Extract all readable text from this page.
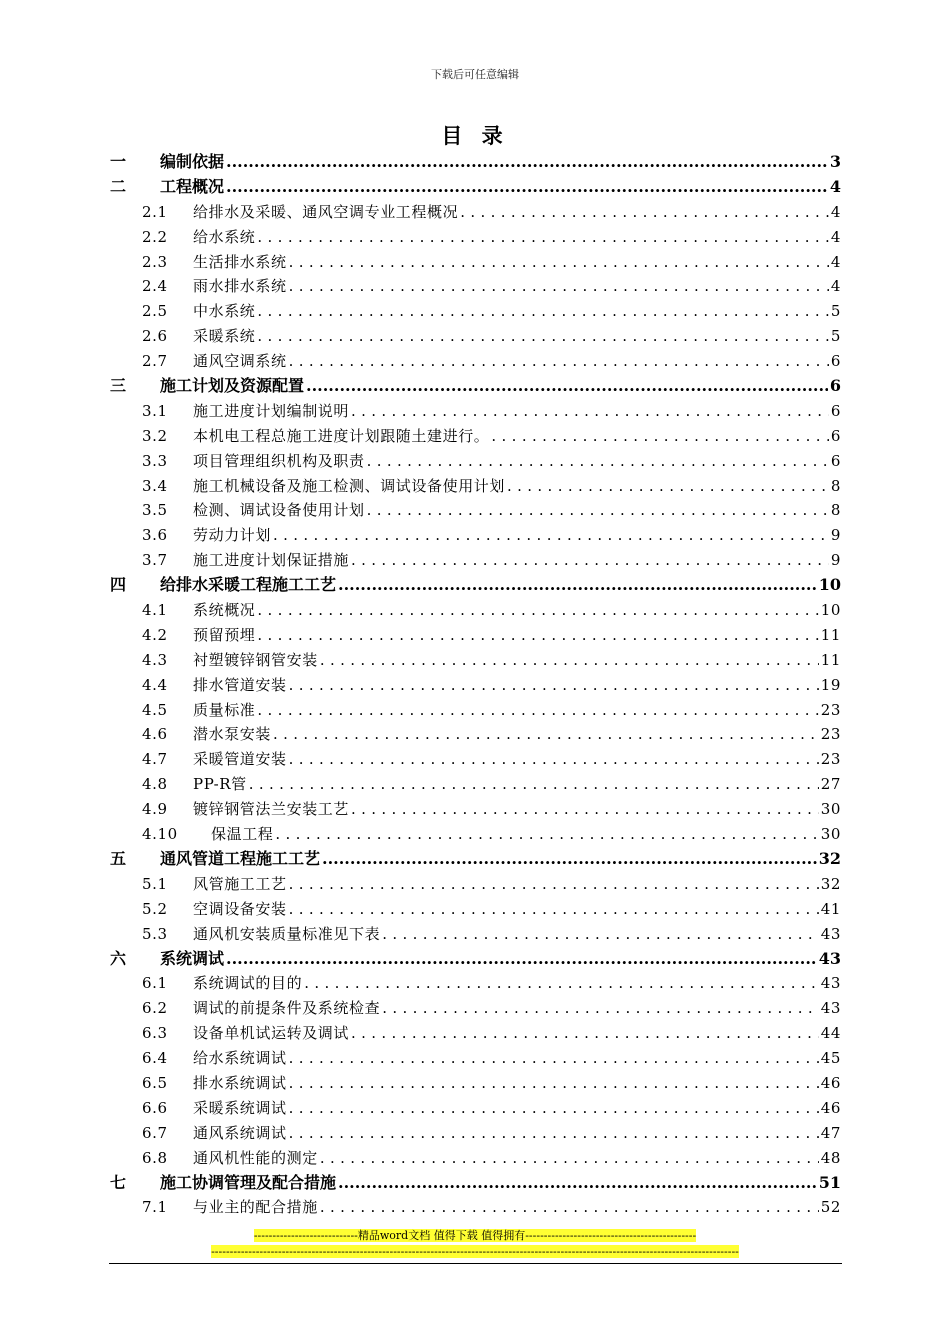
下载后可任意编辑
目 录
一	编制依据 .....	3
二	工程概况 .....	4
2.1	给排水及采暖、通风空调专业工程概况 . . .	4
2.2	给水系统 . . .	4
2.3	生活排水系统 . . .	4
2.4	雨水排水系统 . . .	4
2.5	中水系统 . . .	5
2.6	采暖系统 . . .	5
2.7	通风空调系统 . . .	6
三	施工计划及资源配置 .....	6
3.1	施工进度计划编制说明 . . .	6
3.2	本机电工程总施工进度计划跟随土建进行。 . . .	6
3.3	项目管理组织机构及职责 . . .	6
3.4	施工机械设备及施工检测、调试设备使用计划 . . .	8
3.5	检测、调试设备使用计划 . . .	8
3.6	劳动力计划 . . .	9
3.7	施工进度计划保证措施 . . .	9
四	给排水采暖工程施工工艺 .....	10
4.1	系统概况 . . .	10
4.2	预留预埋 . . .	11
4.3	衬塑镀锌钢管安装 . . .	11
4.4	排水管道安装 . . .	19
4.5	质量标准 . . .	23
4.6	潜水泵安装 . . .	23
4.7	采暖管道安装 . . .	23
4.8	PP-R管 . . .	27
4.9	镀锌钢管法兰安装工艺 . . .	30
4.10	保温工程 . . .	30
五	通风管道工程施工工艺 .....	32
5.1	风管施工工艺 . . .	32
5.2	空调设备安装 . . .	41
5.3	通风机安装质量标准见下表 . . .	43
六	系统调试 .....	43
6.1	系统调试的目的 . . .	43
6.2	调试的前提条件及系统检查 . . .	43
6.3	设备单机试运转及调试 . . .	44
6.4	给水系统调试 . . .	45
6.5	排水系统调试 . . .	46
6.6	采暖系统调试 . . .	46
6.7	通风系统调试 . . .	47
6.8	通风机性能的测定 . . .	48
七	施工协调管理及配合措施 .....	51
7.1	与业主的配合措施 . . .	52
----------------------------精品word文档 值得下载 值得拥有----------------------------------------------
----------------------------------------------------------------------------------------------------------------------------------------------
